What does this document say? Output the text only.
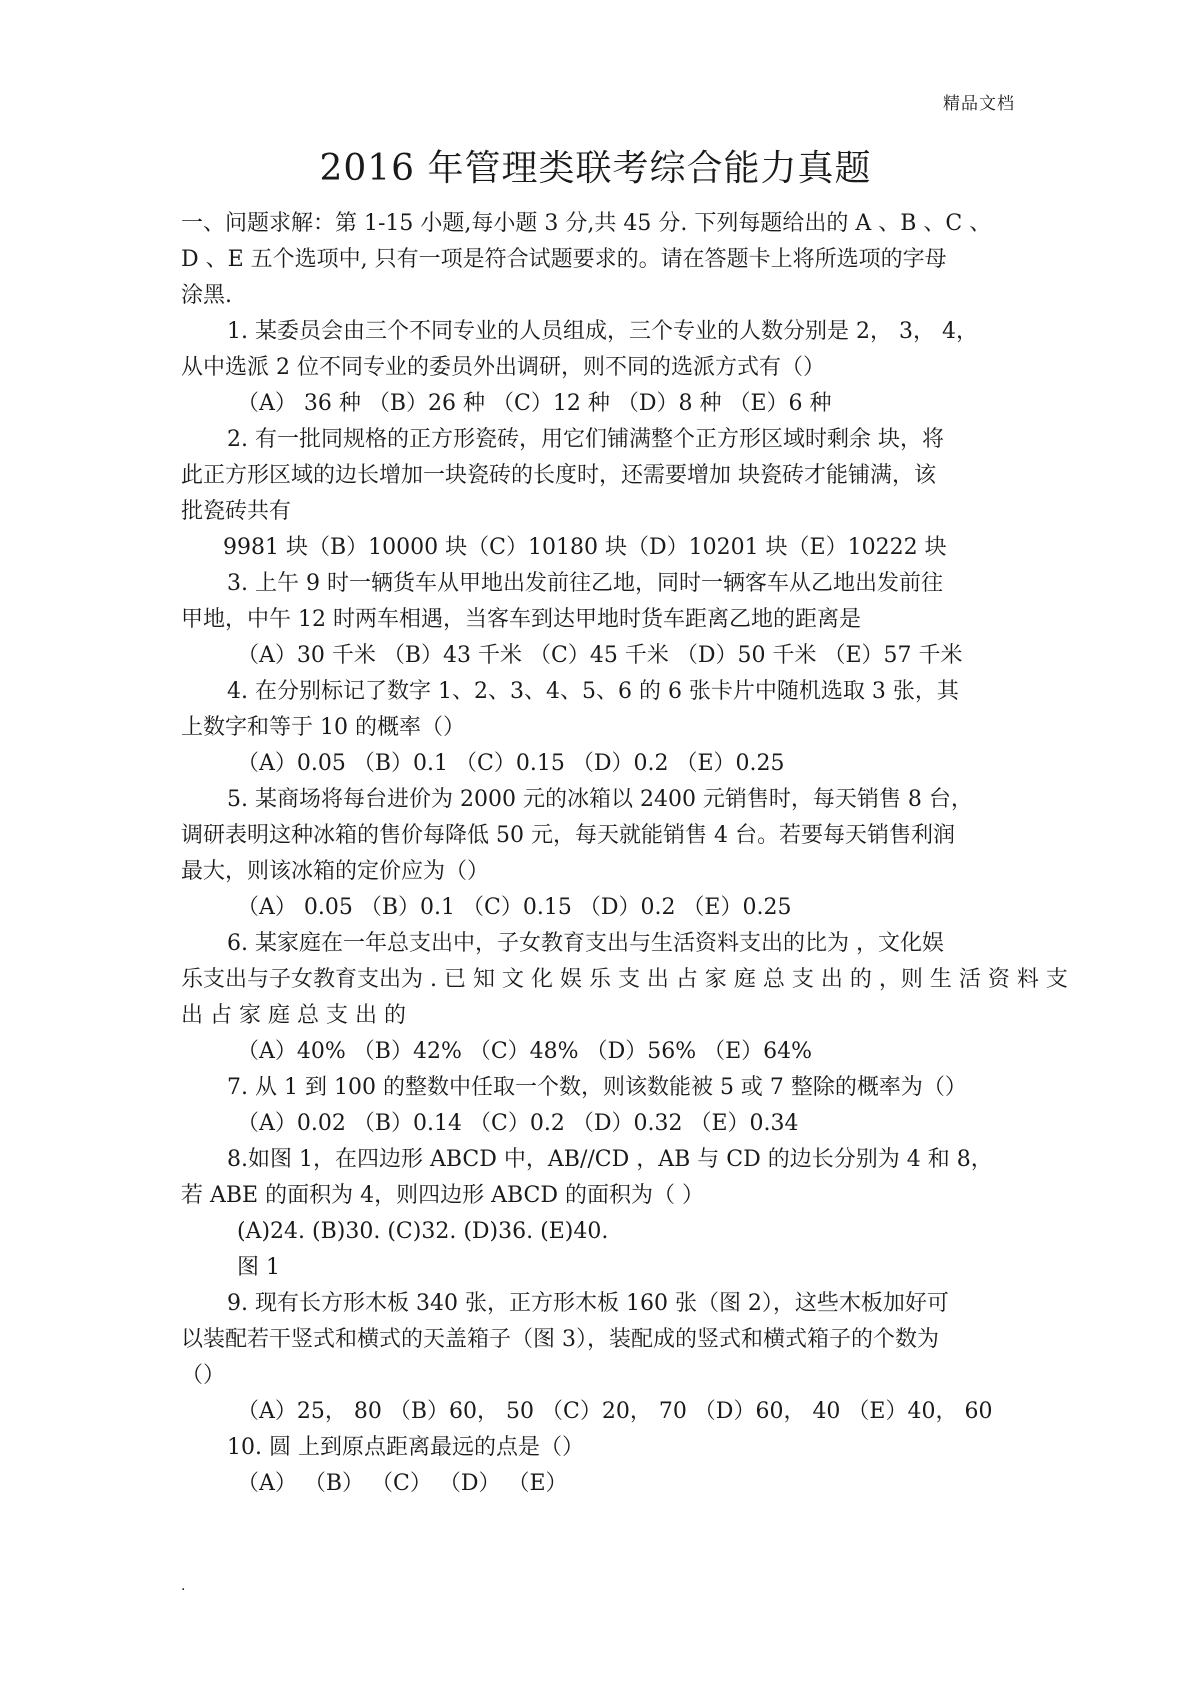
精品文档
2016 年管理类联考综合能力真题

一、问题求解：第 1-15 小题,每小题 3 分,共 45 分. 下列每题给出的 A 、B 、C 、

D 、E 五个选项中, 只有一项是符合试题要求的。请在答题卡上将所选项的字母

涂黑.

1. 某委员会由三个不同专业的人员组成，三个专业的人数分别是 2， 3， 4，

从中选派 2 位不同专业的委员外出调研，则不同的选派方式有（）

（A） 36 种 （B）26 种 （C）12 种 （D）8 种 （E）6 种

2. 有一批同规格的正方形瓷砖，用它们铺满整个正方形区域时剩余 块，将

此正方形区域的边长增加一块瓷砖的长度时，还需要增加 块瓷砖才能铺满，该

批瓷砖共有

9981 块（B）10000 块（C）10180 块（D）10201 块（E）10222 块

3. 上午 9 时一辆货车从甲地出发前往乙地，同时一辆客车从乙地出发前往

甲地，中午 12 时两车相遇，当客车到达甲地时货车距离乙地的距离是

（A）30 千米 （B）43 千米 （C）45 千米 （D）50 千米 （E）57 千米

4. 在分别标记了数字 1、2、3、4、5、6 的 6 张卡片中随机选取 3 张，其

上数字和等于 10 的概率（）

（A）0.05 （B）0.1 （C）0.15 （D）0.2 （E）0.25

5. 某商场将每台进价为 2000 元的冰箱以 2400 元销售时，每天销售 8 台，

调研表明这种冰箱的售价每降低 50 元，每天就能销售 4 台。若要每天销售利润

最大，则该冰箱的定价应为（）

（A） 0.05 （B）0.1 （C）0.15 （D）0.2 （E）0.25

6. 某家庭在一年总支出中，子女教育支出与生活资料支出的比为 ，文化娱

乐支出与子女教育支出为 . 已 知 文 化 娱 乐 支 出 占 家 庭 总 支 出 的 ，则 生 活 资 料 支

出 占 家 庭 总 支 出 的

（A）40% （B）42% （C）48% （D）56% （E）64%

7. 从 1 到 100 的整数中任取一个数，则该数能被 5 或 7 整除的概率为（）

（A）0.02 （B）0.14 （C）0.2 （D）0.32 （E）0.34

8.如图 1，在四边形 ABCD 中，AB//CD ，AB 与 CD 的边长分别为 4 和 8，

若 ABE 的面积为 4，则四边形 ABCD 的面积为（ ）

(A)24. (B)30. (C)32. (D)36. (E)40.

图 1

9. 现有长方形木板 340 张，正方形木板 160 张（图 2），这些木板加好可

以装配若干竖式和横式的天盖箱子（图 3），装配成的竖式和横式箱子的个数为

（）

（A）25， 80 （B）60， 50 （C）20， 70 （D）60， 40 （E）40， 60

10. 圆 上到原点距离最远的点是（）

（A） （B） （C） （D） （E）

.
